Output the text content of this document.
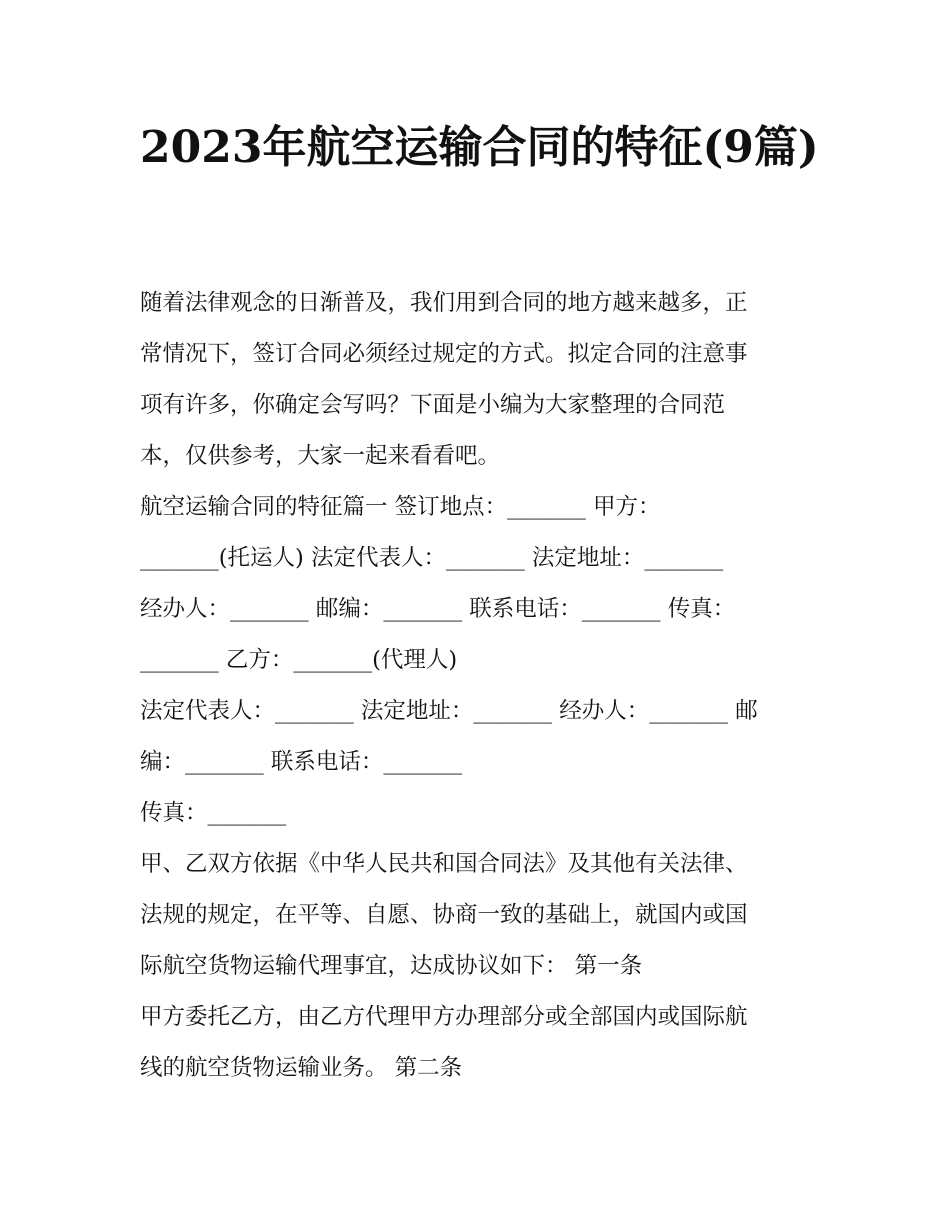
2023年航空运输合同的特征(9篇)

随着法律观念的日渐普及，我们用到合同的地方越来越多，正
常情况下，签订合同必须经过规定的方式。拟定合同的注意事
项有许多，你确定会写吗？下面是小编为大家整理的合同范
本，仅供参考，大家一起来看看吧。

航空运输合同的特征篇一 签订地点：_______ 甲方：
_______(托运人) 法定代表人：_______ 法定地址：_______
经办人：_______ 邮编：_______ 联系电话：_______ 传真：
_______ 乙方：_______(代理人)

法定代表人：_______ 法定地址：_______ 经办人：_______ 邮
编：_______ 联系电话：_______

传真：_______

甲、乙双方依据《中华人民共和国合同法》及其他有关法律、
法规的规定，在平等、自愿、协商一致的基础上，就国内或国
际航空货物运输代理事宜，达成协议如下： 第一条

甲方委托乙方，由乙方代理甲方办理部分或全部国内或国际航
线的航空货物运输业务。 第二条
